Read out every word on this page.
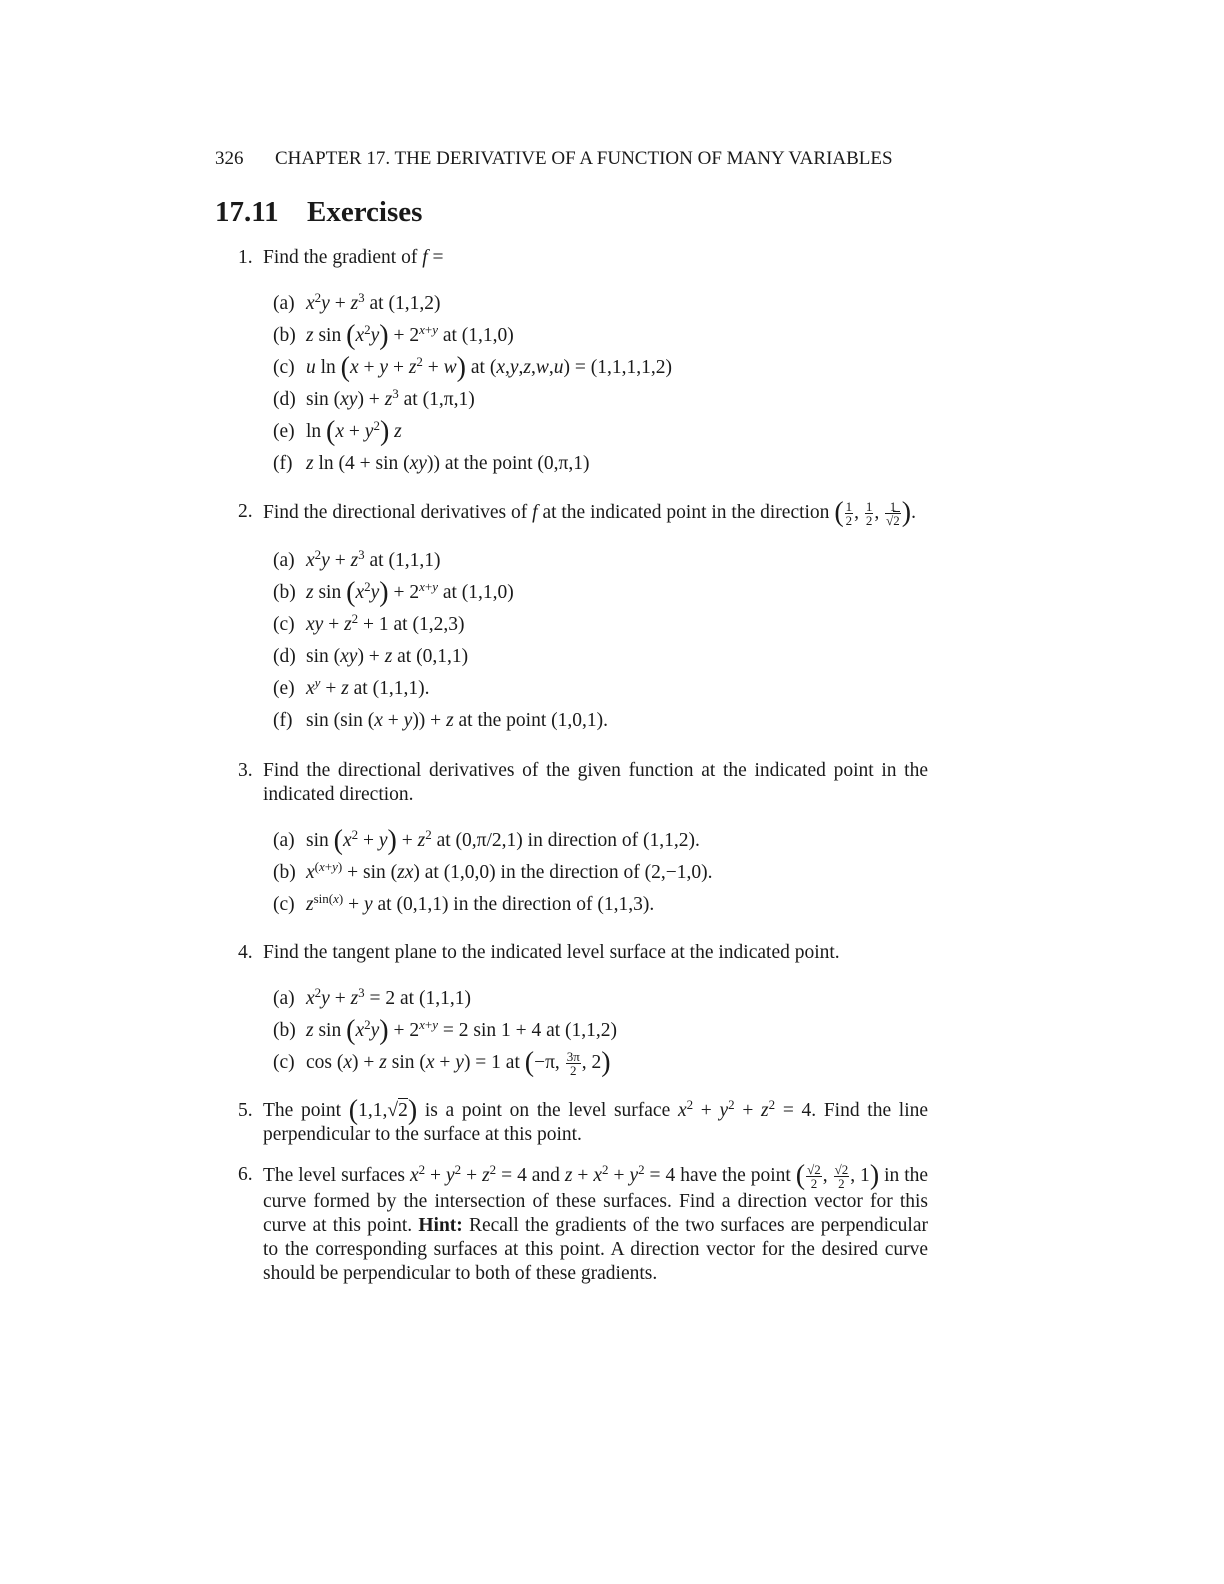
326 CHAPTER 17. THE DERIVATIVE OF A FUNCTION OF MANY VARIABLES
17.11 Exercises
1. Find the gradient of f =
(a) $x^2y + z^3$ at (1,1,2)
(b) z $\sin (x^2y) + 2^{x+y}$ at (1,1,0)
(c) u $\ln (x + y + z^2 + w)$ at (x,y,z,w,u) = (1,1,1,1,2)
(d) $\sin (xy) + z^3$ at (1,π,1)
(e) $\ln (x + y^2)$ z
(f) z ln (4 + sin (xy)) at the point (0,π,1)
2. Find the directional derivatives of f at the indicated point in the direction ( $\frac{1}{2}$ , $\frac{1}{2}$ , $\frac{1}{√2}$ ).
(a) $x^2y + z^3$ at (1,1,1)
(b) z $\sin (x^2y) + 2^{x+y}$ at (1,1,0)
(c) xy + $z^2 + 1$ at (1,2,3)
(d) sin (xy) + z at (0,1,1)
(e) $x^y + z$ at (1,1,1).
(f) sin (sin (x + y)) + z at the point (1,0,1).
3. Find the directional derivatives of the given function at the indicated point in the indicated direction.
(a) $\sin (x^2 + y) + z^2$ at (0,π/2,1) in direction of (1,1,2).
(b) $x^{(x+y)} + \sin (zx)$ at (1,0,0) in the direction of (2,−1,0).
(c) $z^{sin(x)} + y$ at (0,1,1) in the direction of (1,1,3).
4. Find the tangent plane to the indicated level surface at the indicated point.
(a) $x^2y + z^3 = 2$ at (1,1,1)
(b) z $\sin (x^2y) + 2^{x+y} = 2$ sin 1 + 4 at (1,1,2)
(c) cos (x) + z sin (x + y) = 1 at (−π, $\frac{3\pi}{2}$ , 2)
5. The point (1,1,√2) is a point on the level surface $x^2 + y^2 + z^2 = 4$. Find the line perpendicular to the surface at this point.
6. The level surfaces $x^2 + y^2 + z^2 = 4$ and $z + x^2 + y^2 = 4$ have the point ( $\frac{√2}{2}$ , $\frac{√2}{2}$ , 1) in the curve formed by the intersection of these surfaces. Find a direction vector for this curve at this point. Hint: Recall the gradients of the two surfaces are perpendicular to the corresponding surfaces at this point. A direction vector for the desired curve should be perpendicular to both of these gradients.
